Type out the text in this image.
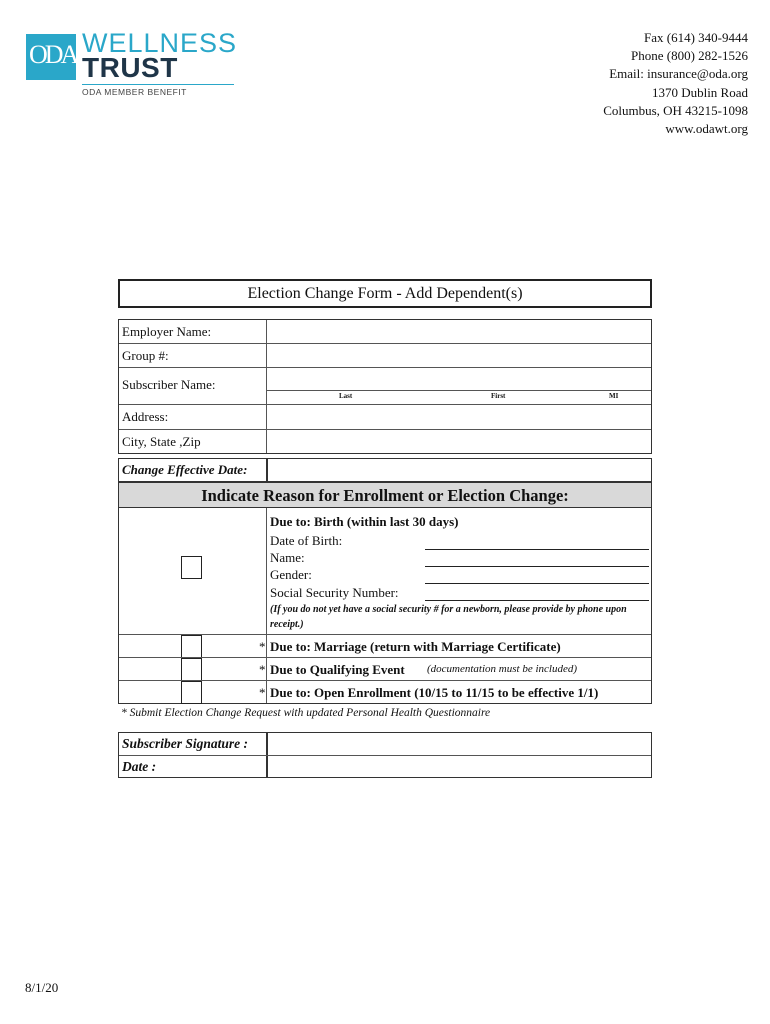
ODA WELLNESS
TRUST
ODA MEMBER BENEFIT
Fax (614) 340-9444
Phone (800) 282-1526
Email: insurance@oda.org
1370 Dublin Road
Columbus, OH 43215-1098
www.odawt.org
Election Change Form - Add Dependent(s)
Employer Name:
Group #:
Subscriber Name:
Last	First	MI
Address:
City, State ,Zip
Change Effective Date:
Indicate Reason for Enrollment or Election Change:
Due to: Birth (within last 30 days)
Date of Birth:
Name:
Gender:
Social Security Number:
(If you do not yet have a social security # for a newborn, please provide by phone upon receipt.)
* Due to: Marriage (return with Marriage Certificate)
* Due to Qualifying Event (documentation must be included)
* Due to: Open Enrollment (10/15 to 11/15 to be effective 1/1)
* Submit Election Change Request with updated Personal Health Questionnaire
Subscriber Signature :
Date :
8/1/20
